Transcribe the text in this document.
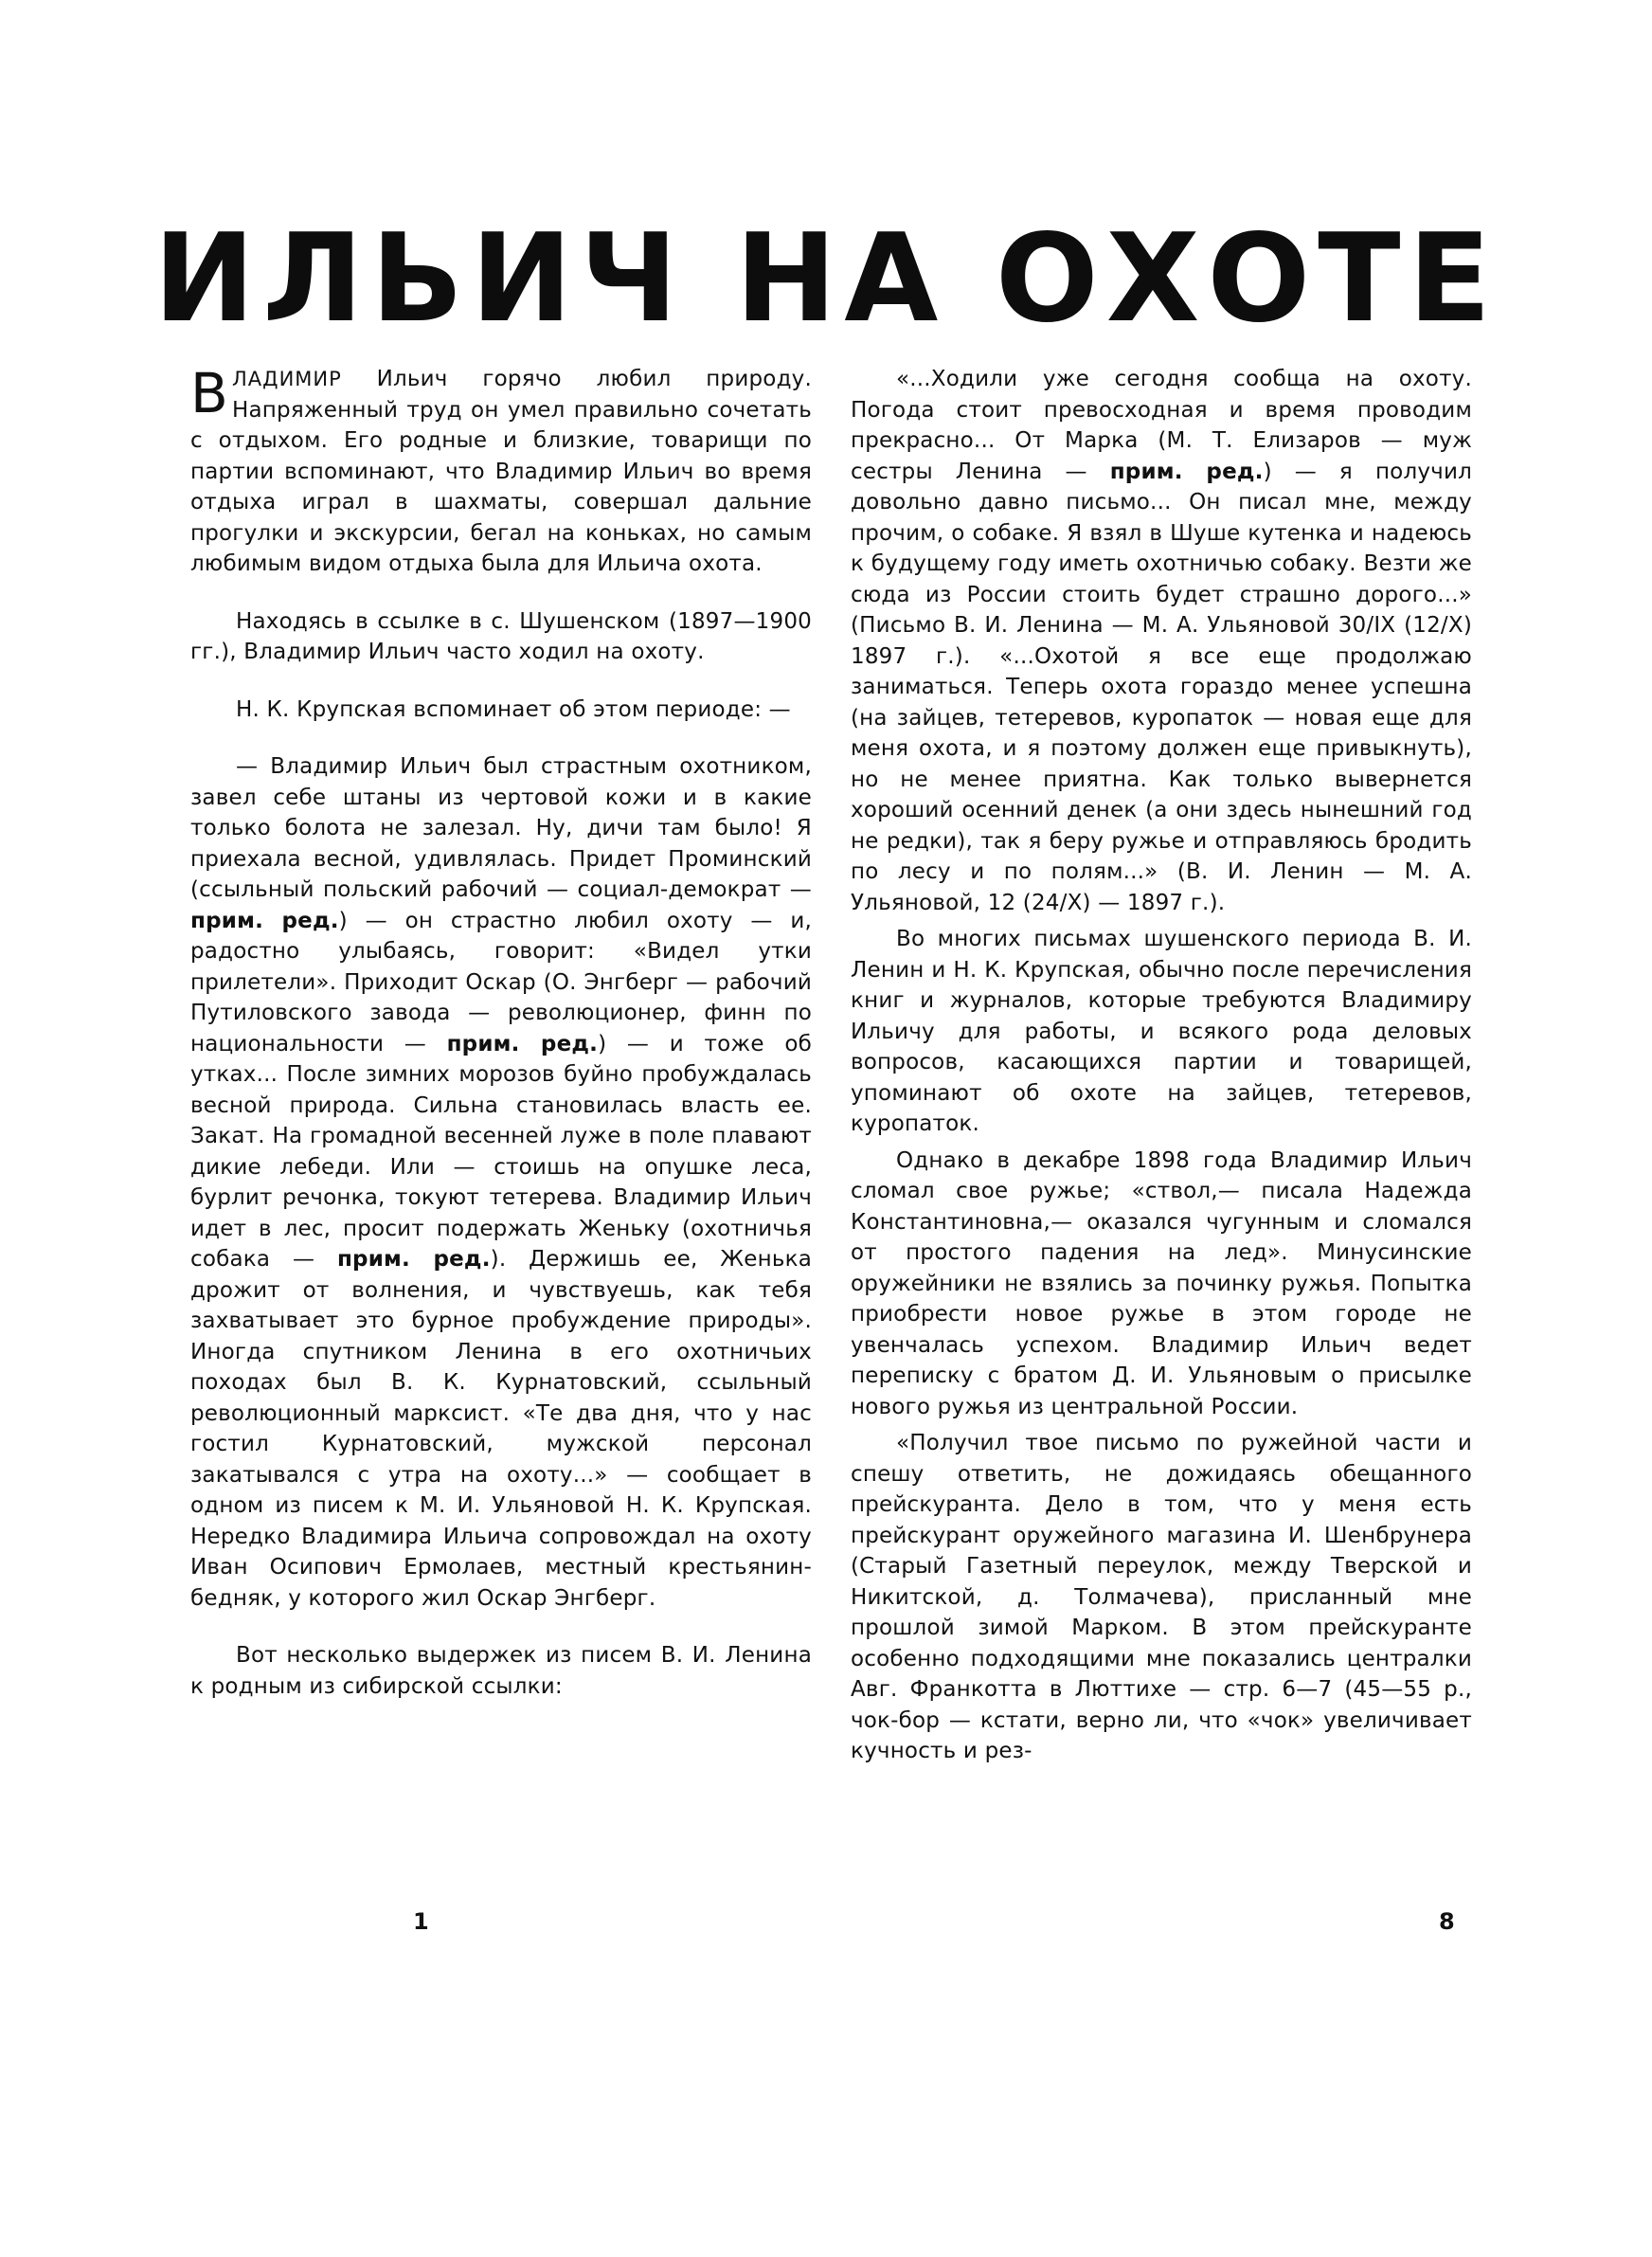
ИЛЬИЧ НА ОХОТЕ

ВЛАДИМИР Ильич горячо любил природу. Напряженный труд он умел правильно сочетать с отдыхом. Его родные и близкие, товарищи по партии вспоминают, что Владимир Ильич во время отдыха играл в шахматы, совершал дальние прогулки и экскурсии, бегал на коньках, но самым любимым видом отдыха была для Ильича охота.

Находясь в ссылке в с. Шушенском (1897—1900 гг.), Владимир Ильич часто ходил на охоту.

Н. К. Крупская вспоминает об этом периоде: —

— Владимир Ильич был страстным охотником, завел себе штаны из чертовой кожи и в какие только болота не залезал. Ну, дичи там было! Я приехала весной, удивлялась. Придет Проминский (ссыльный польский рабочий — социал-демократ — прим. ред.) — он страстно любил охоту — и, радостно улыбаясь, говорит: «Видел утки прилетели». Приходит Оскар (О. Энгберг — рабочий Путиловского завода — революционер, финн по национальности — прим. ред.) — и тоже об утках... После зимних морозов буйно пробуждалась весной природа. Сильна становилась власть ее. Закат. На громадной весенней луже в поле плавают дикие лебеди. Или — стоишь на опушке леса, бурлит речонка, токуют тетерева. Владимир Ильич идет в лес, просит подержать Женьку (охотничья собака — прим. ред.). Держишь ее, Женька дрожит от волнения, и чувствуешь, как тебя захватывает это бурное пробуждение природы». Иногда спутником Ленина в его охотничьих походах был В. К. Курнатовский, ссыльный революционный марксист. «Те два дня, что у нас гостил Курнатовский, мужской персонал закатывался с утра на охоту...» — сообщает в одном из писем к М. И. Ульяновой Н. К. Крупская. Нередко Владимира Ильича сопровождал на охоту Иван Осипович Ермолаев, местный крестьянин-бедняк, у которого жил Оскар Энгберг.

Вот несколько выдержек из писем В. И. Ленина к родным из сибирской ссылки:

«...Ходили уже сегодня сообща на охоту. Погода стоит превосходная и время проводим прекрасно... От Марка (М. Т. Елизаров — муж сестры Ленина — прим. ред.) — я получил довольно давно письмо... Он писал мне, между прочим, о собаке. Я взял в Шуше кутенка и надеюсь к будущему году иметь охотничью собаку. Везти же сюда из России стоить будет страшно дорого...» (Письмо В. И. Ленина — М. А. Ульяновой 30/IX (12/X) 1897 г.). «...Охотой я все еще продолжаю заниматься. Теперь охота гораздо менее успешна (на зайцев, тетеревов, куропаток — новая еще для меня охота, и я поэтому должен еще привыкнуть), но не менее приятна. Как только вывернется хороший осенний денек (а они здесь нынешний год не редки), так я беру ружье и отправляюсь бродить по лесу и по полям...» (В. И. Ленин — М. А. Ульяновой, 12 (24/X) — 1897 г.).

Во многих письмах шушенского периода В. И. Ленин и Н. К. Крупская, обычно после перечисления книг и журналов, которые требуются Владимиру Ильичу для работы, и всякого рода деловых вопросов, касающихся партии и товарищей, упоминают об охоте на зайцев, тетеревов, куропаток.

Однако в декабре 1898 года Владимир Ильич сломал свое ружье; «ствол,— писала Надежда Константиновна,— оказался чугунным и сломался от простого падения на лед». Минусинские оружейники не взялись за починку ружья. Попытка приобрести новое ружье в этом городе не увенчалась успехом. Владимир Ильич ведет переписку с братом Д. И. Ульяновым о присылке нового ружья из центральной России.

«Получил твое письмо по ружейной части и спешу ответить, не дожидаясь обещанного прейскуранта. Дело в том, что у меня есть прейскурант оружейного магазина И. Шенбрунера (Старый Газетный переулок, между Тверской и Никитской, д. Толмачева), присланный мне прошлой зимой Марком. В этом прейскуранте особенно подходящими мне показались централки Авг. Франкотта в Люттихе — стр. 6—7 (45—55 р., чок-бор — кстати, верно ли, что «чок» увеличивает кучность и рез-

1	8
